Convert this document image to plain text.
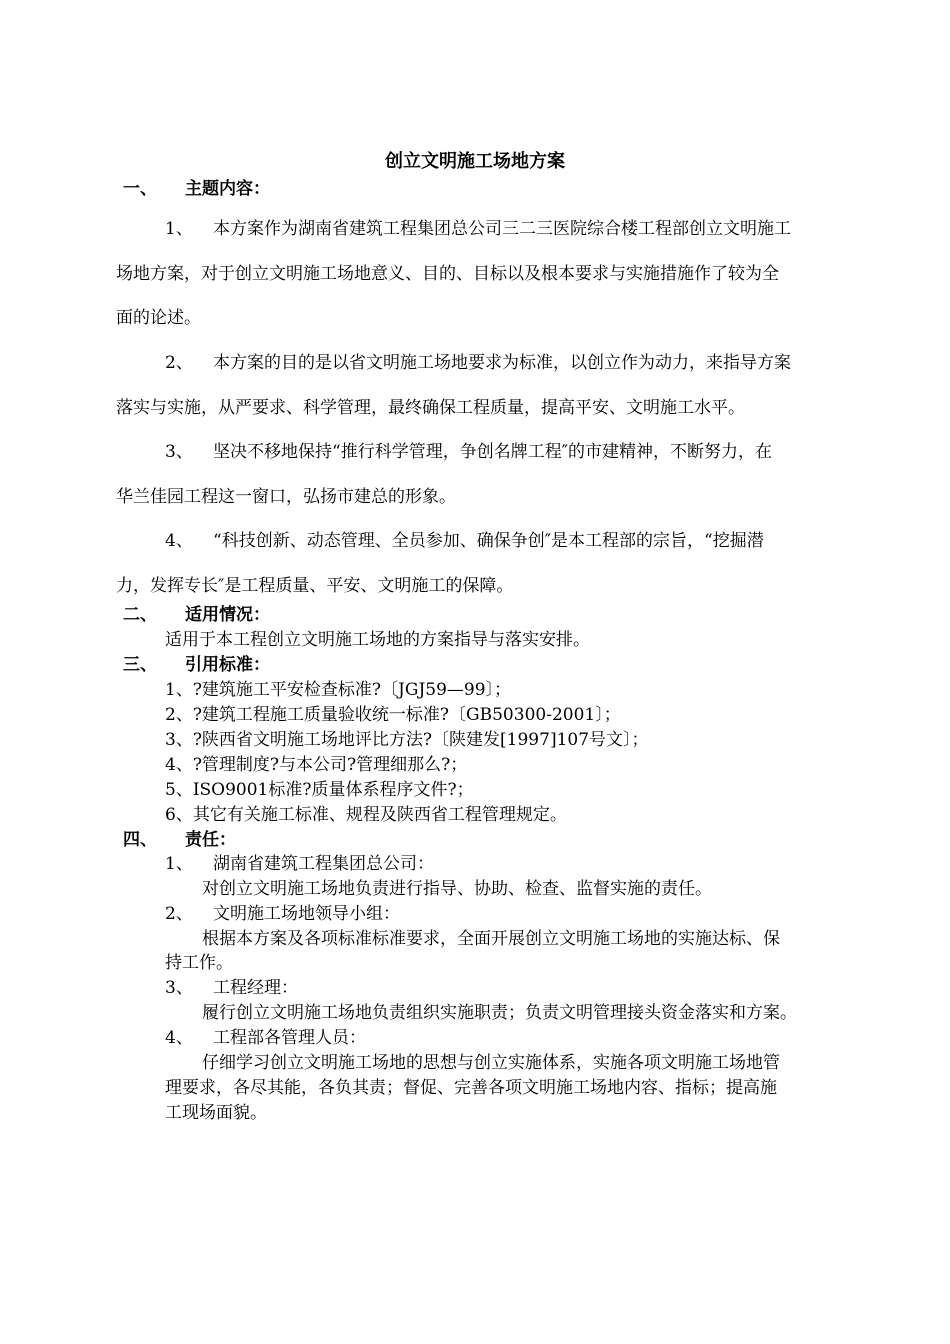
创立文明施工场地方案
一、 主题内容：
1、 本方案作为湖南省建筑工程集团总公司三二三医院综合楼工程部创立文明施工
场地方案，对于创立文明施工场地意义、目的、目标以及根本要求与实施措施作了较为全
面的论述。
2、 本方案的目的是以省文明施工场地要求为标准，以创立作为动力，来指导方案
落实与实施，从严要求、科学管理，最终确保工程质量，提高平安、文明施工水平。
3、 坚决不移地保持“推行科学管理，争创名牌工程″的市建精神，不断努力，在
华兰佳园工程这一窗口，弘扬市建总的形象。
4、 “科技创新、动态管理、全员参加、确保争创″是本工程部的宗旨，“挖掘潜
力，发挥专长″是工程质量、平安、文明施工的保障。
二、 适用情况：
适用于本工程创立文明施工场地的方案指导与落实安排。
三、 引用标准：
1、?建筑施工平安检查标准?〔JGJ59—99〕；
2、?建筑工程施工质量验收统一标准?〔GB50300-2001〕；
3、?陕西省文明施工场地评比方法?〔陕建发[1997]107号文〕；
4、?管理制度?与本公司?管理细那么?；
5、ISO9001标准?质量体系程序文件?；
6、其它有关施工标准、规程及陕西省工程管理规定。
四、 责任：
1、 湖南省建筑工程集团总公司：
对创立文明施工场地负责进行指导、协助、检查、监督实施的责任。
2、 文明施工场地领导小组：
根据本方案及各项标准标准要求，全面开展创立文明施工场地的实施达标、保
持工作。
3、 工程经理：
履行创立文明施工场地负责组织实施职责；负责文明管理接头资金落实和方案。
4、 工程部各管理人员：
仔细学习创立文明施工场地的思想与创立实施体系，实施各项文明施工场地管
理要求，各尽其能，各负其责；督促、完善各项文明施工场地内容、指标；提高施
工现场面貌。
